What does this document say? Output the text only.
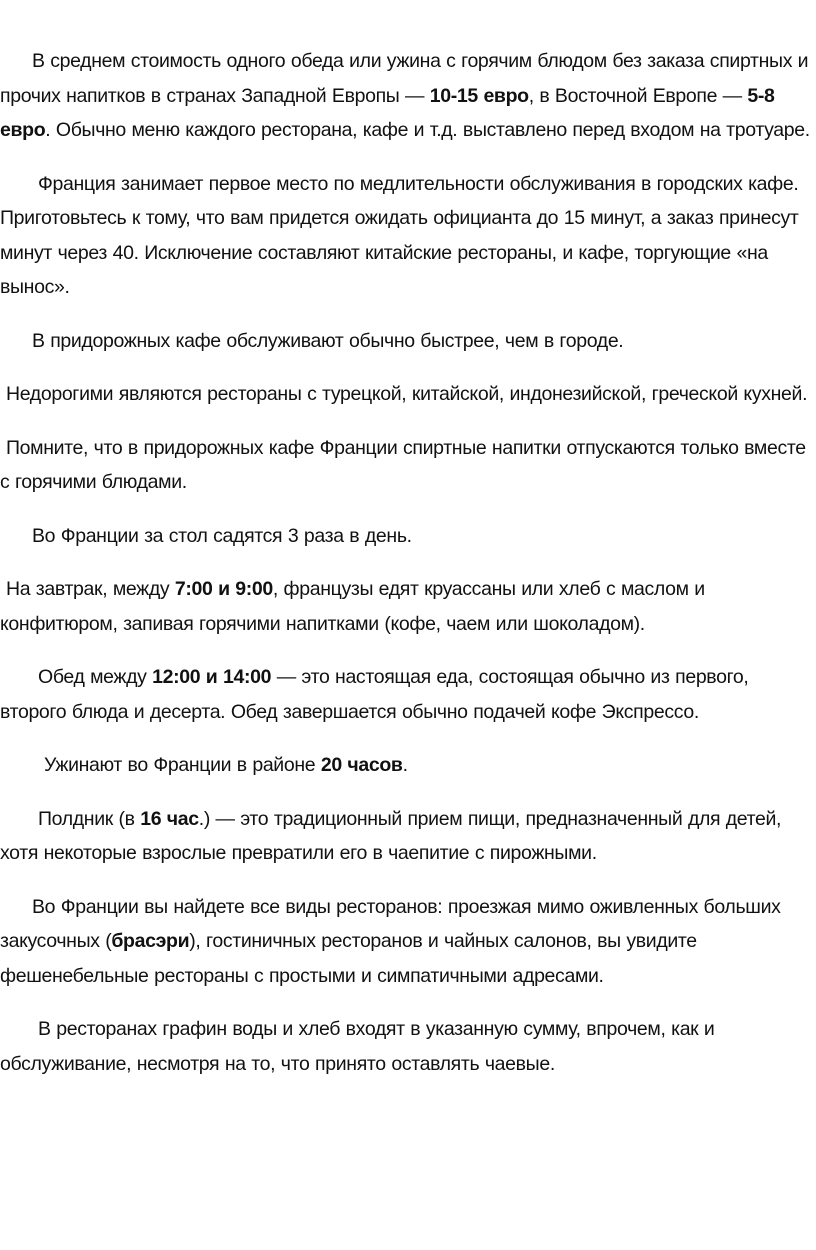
В среднем стоимость одного обеда или ужина с горячим блюдом без заказа спиртных и прочих напитков в странах Западной Европы — 10-15 евро, в Восточной Европе — 5-8 евро. Обычно меню каждого ресторана, кафе и т.д. выставлено перед входом на тротуаре.

Франция занимает первое место по медлительности обслуживания в городских кафе. Приготовьтесь к тому, что вам придется ожидать официанта до 15 минут, а заказ принесут минут через 40. Исключение составляют китайские рестораны, и кафе, торгующие «на вынос».

В придорожных кафе обслуживают обычно быстрее, чем в городе.

Недорогими являются рестораны с турецкой, китайской, индонезийской, греческой кухней.

Помните, что в придорожных кафе Франции спиртные напитки отпускаются только вместе с горячими блюдами.

Во Франции за стол садятся 3 раза в день.

На завтрак, между 7:00 и 9:00, французы едят круассаны или хлеб с маслом и конфитюром, запивая горячими напитками (кофе, чаем или шоколадом).

Обед между 12:00 и 14:00 — это настоящая еда, состоящая обычно из первого, второго блюда и десерта. Обед завершается обычно подачей кофе Экспрессо.

Ужинают во Франции в районе 20 часов.

Полдник (в 16 час.) — это традиционный прием пищи, предназначенный для детей, хотя некоторые взрослые превратили его в чаепитие с пирожными.

Во Франции вы найдете все виды ресторанов: проезжая мимо оживленных больших закусочных (брасэри), гостиничных ресторанов и чайных салонов, вы увидите фешенебельные рестораны с простыми и симпатичными адресами.

В ресторанах графин воды и хлеб входят в указанную сумму, впрочем, как и обслуживание, несмотря на то, что принято оставлять чаевые.
